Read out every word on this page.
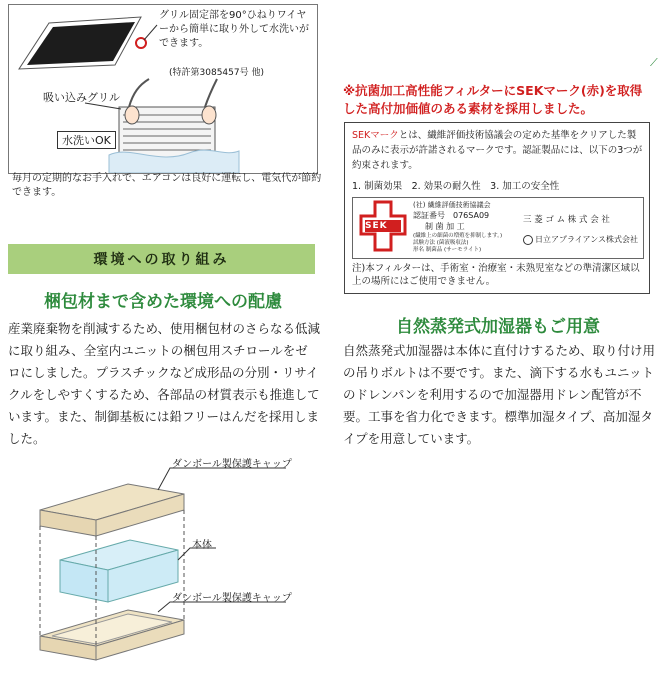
グリル固定部を90°ひねりワイヤーから簡単に取り外して水洗いができます。
(特許第3085457号 他)
吸い込みグリル
水洗いOK
毎月の定期的なお手入れで、エアコンは良好に運転し、電気代が節約できます。
環境への取り組み
梱包材まで含めた環境への配慮
産業廃棄物を削減するため、使用梱包材のさらなる低減に取り組み、全室内ユニットの梱包用スチロールをゼロにしました。プラスチックなど成形品の分別・リサイクルをしやすくするため、各部品の材質表示も推進しています。また、制御基板には鉛フリーはんだを採用しました。
ダンボール製保護キャップ
本体
ダンボール製保護キャップ
⟋
※抗菌加工高性能フィルターにSEKマーク(赤)を取得した高付加価値のある素材を採用しました。
SEKマークとは、繊維評価技術協議会の定めた基準をクリアした製品のみに表示が許諾されるマークです。認証製品には、以下の3つが約束されます。
1. 制菌効果　2. 効果の耐久性　3. 加工の安全性
SEK
(社) 繊維評価技術協議会
認証番号　076SA09
制 菌 加 工
(繊維上の細菌の増殖を抑制します。)
試験方法 (菌液吸収法)
形名 制菌品 (サーモライト)
三 菱 ゴ ム 株 式 会 社
日立アプライアンス株式会社
注)本フィルターは、手術室・治療室・未熟児室などの準清潔区域以上の場所にはご使用できません。
自然蒸発式加湿器もご用意
自然蒸発式加湿器は本体に直付けするため、取り付け用の吊りボルトは不要です。また、滴下する水もユニットのドレンパンを利用するので加湿器用ドレン配管が不要。工事を省力化できます。標準加湿タイプ、高加湿タイプを用意しています。
